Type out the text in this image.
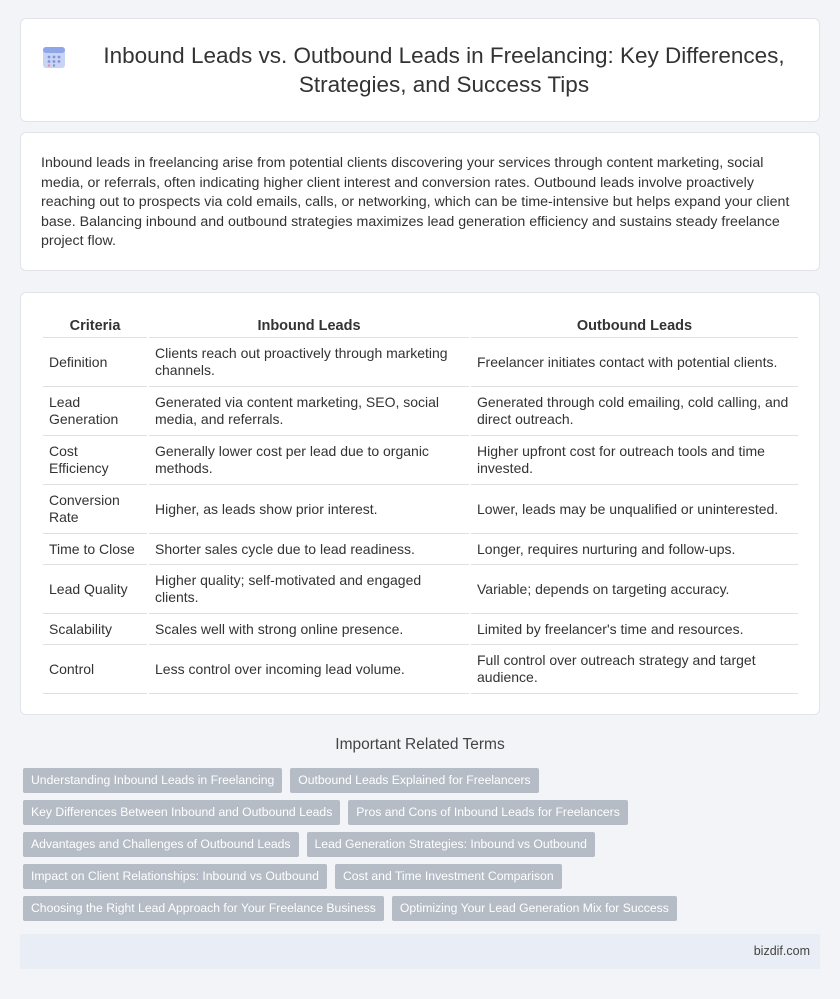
Inbound Leads vs. Outbound Leads in Freelancing: Key Differences, Strategies, and Success Tips

Inbound leads in freelancing arise from potential clients discovering your services through content marketing, social media, or referrals, often indicating higher client interest and conversion rates. Outbound leads involve proactively reaching out to prospects via cold emails, calls, or networking, which can be time-intensive but helps expand your client base. Balancing inbound and outbound strategies maximizes lead generation efficiency and sustains steady freelance project flow.

Criteria	Inbound Leads	Outbound Leads
Definition	Clients reach out proactively through marketing channels.	Freelancer initiates contact with potential clients.
Lead Generation	Generated via content marketing, SEO, social media, and referrals.	Generated through cold emailing, cold calling, and direct outreach.
Cost Efficiency	Generally lower cost per lead due to organic methods.	Higher upfront cost for outreach tools and time invested.
Conversion Rate	Higher, as leads show prior interest.	Lower, leads may be unqualified or uninterested.
Time to Close	Shorter sales cycle due to lead readiness.	Longer, requires nurturing and follow-ups.
Lead Quality	Higher quality; self-motivated and engaged clients.	Variable; depends on targeting accuracy.
Scalability	Scales well with strong online presence.	Limited by freelancer's time and resources.
Control	Less control over incoming lead volume.	Full control over outreach strategy and target audience.
Important Related Terms
Understanding Inbound Leads in Freelancing	Outbound Leads Explained for Freelancers
Key Differences Between Inbound and Outbound Leads	Pros and Cons of Inbound Leads for Freelancers
Advantages and Challenges of Outbound Leads	Lead Generation Strategies: Inbound vs Outbound
Impact on Client Relationships: Inbound vs Outbound	Cost and Time Investment Comparison
Choosing the Right Lead Approach for Your Freelance Business	Optimizing Your Lead Generation Mix for Success
bizdif.com
